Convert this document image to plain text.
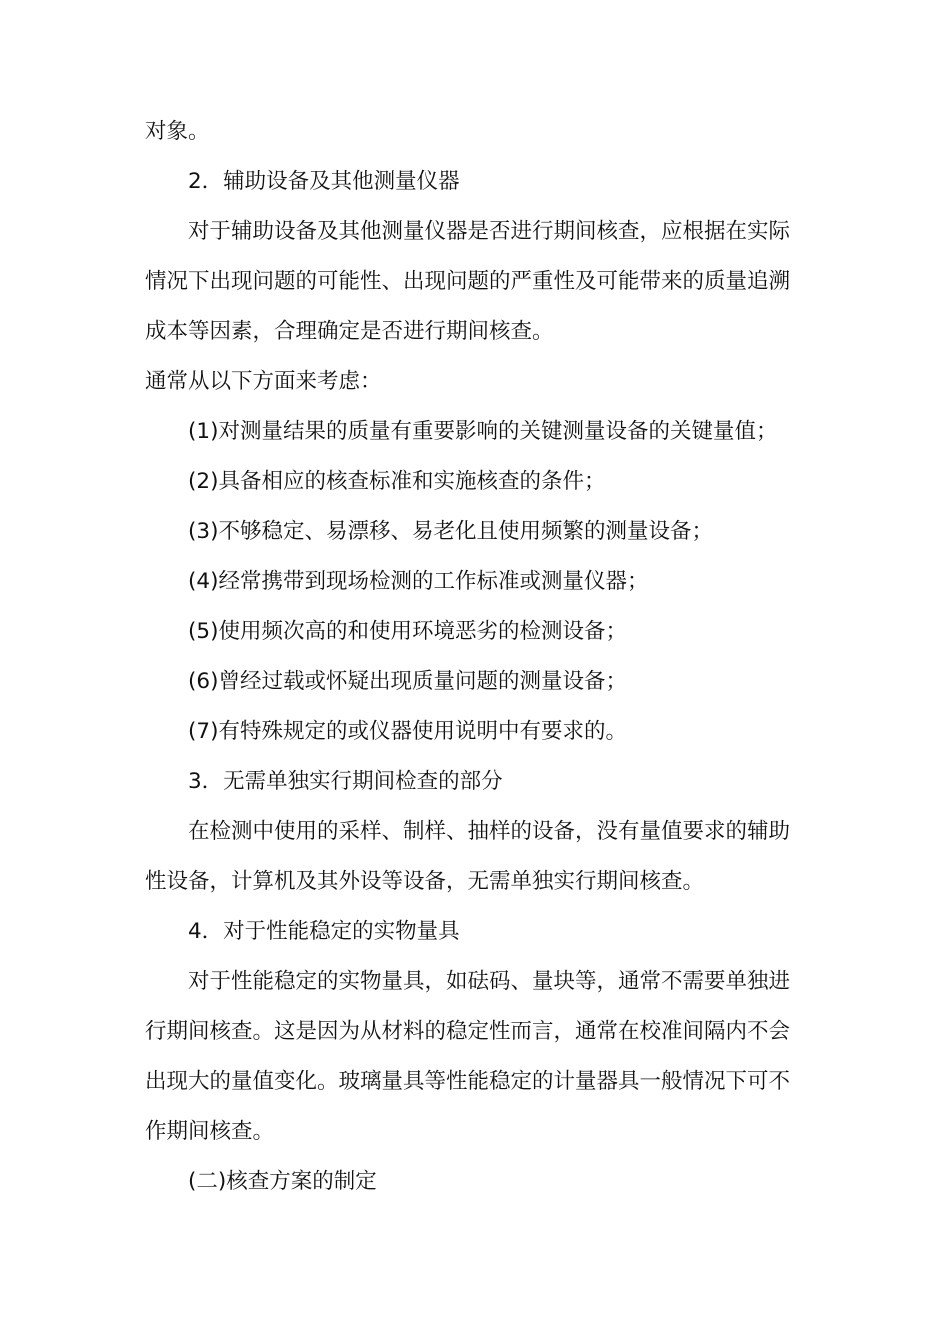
对象。
2．辅助设备及其他测量仪器
对于辅助设备及其他测量仪器是否进行期间核查，应根据在实际
情况下出现问题的可能性、出现问题的严重性及可能带来的质量追溯
成本等因素，合理确定是否进行期间核查。
通常从以下方面来考虑：
(1)对测量结果的质量有重要影响的关键测量设备的关键量值；
(2)具备相应的核查标准和实施核查的条件；
(3)不够稳定、易漂移、易老化且使用频繁的测量设备；
(4)经常携带到现场检测的工作标准或测量仪器；
(5)使用频次高的和使用环境恶劣的检测设备；
(6)曾经过载或怀疑出现质量问题的测量设备；
(7)有特殊规定的或仪器使用说明中有要求的。
3．无需单独实行期间检查的部分
在检测中使用的采样、制样、抽样的设备，没有量值要求的辅助
性设备，计算机及其外设等设备，无需单独实行期间核查。
4．对于性能稳定的实物量具
对于性能稳定的实物量具，如砝码、量块等，通常不需要单独进
行期间核查。这是因为从材料的稳定性而言，通常在校准间隔内不会
出现大的量值变化。玻璃量具等性能稳定的计量器具一般情况下可不
作期间核查。
(二)核查方案的制定
